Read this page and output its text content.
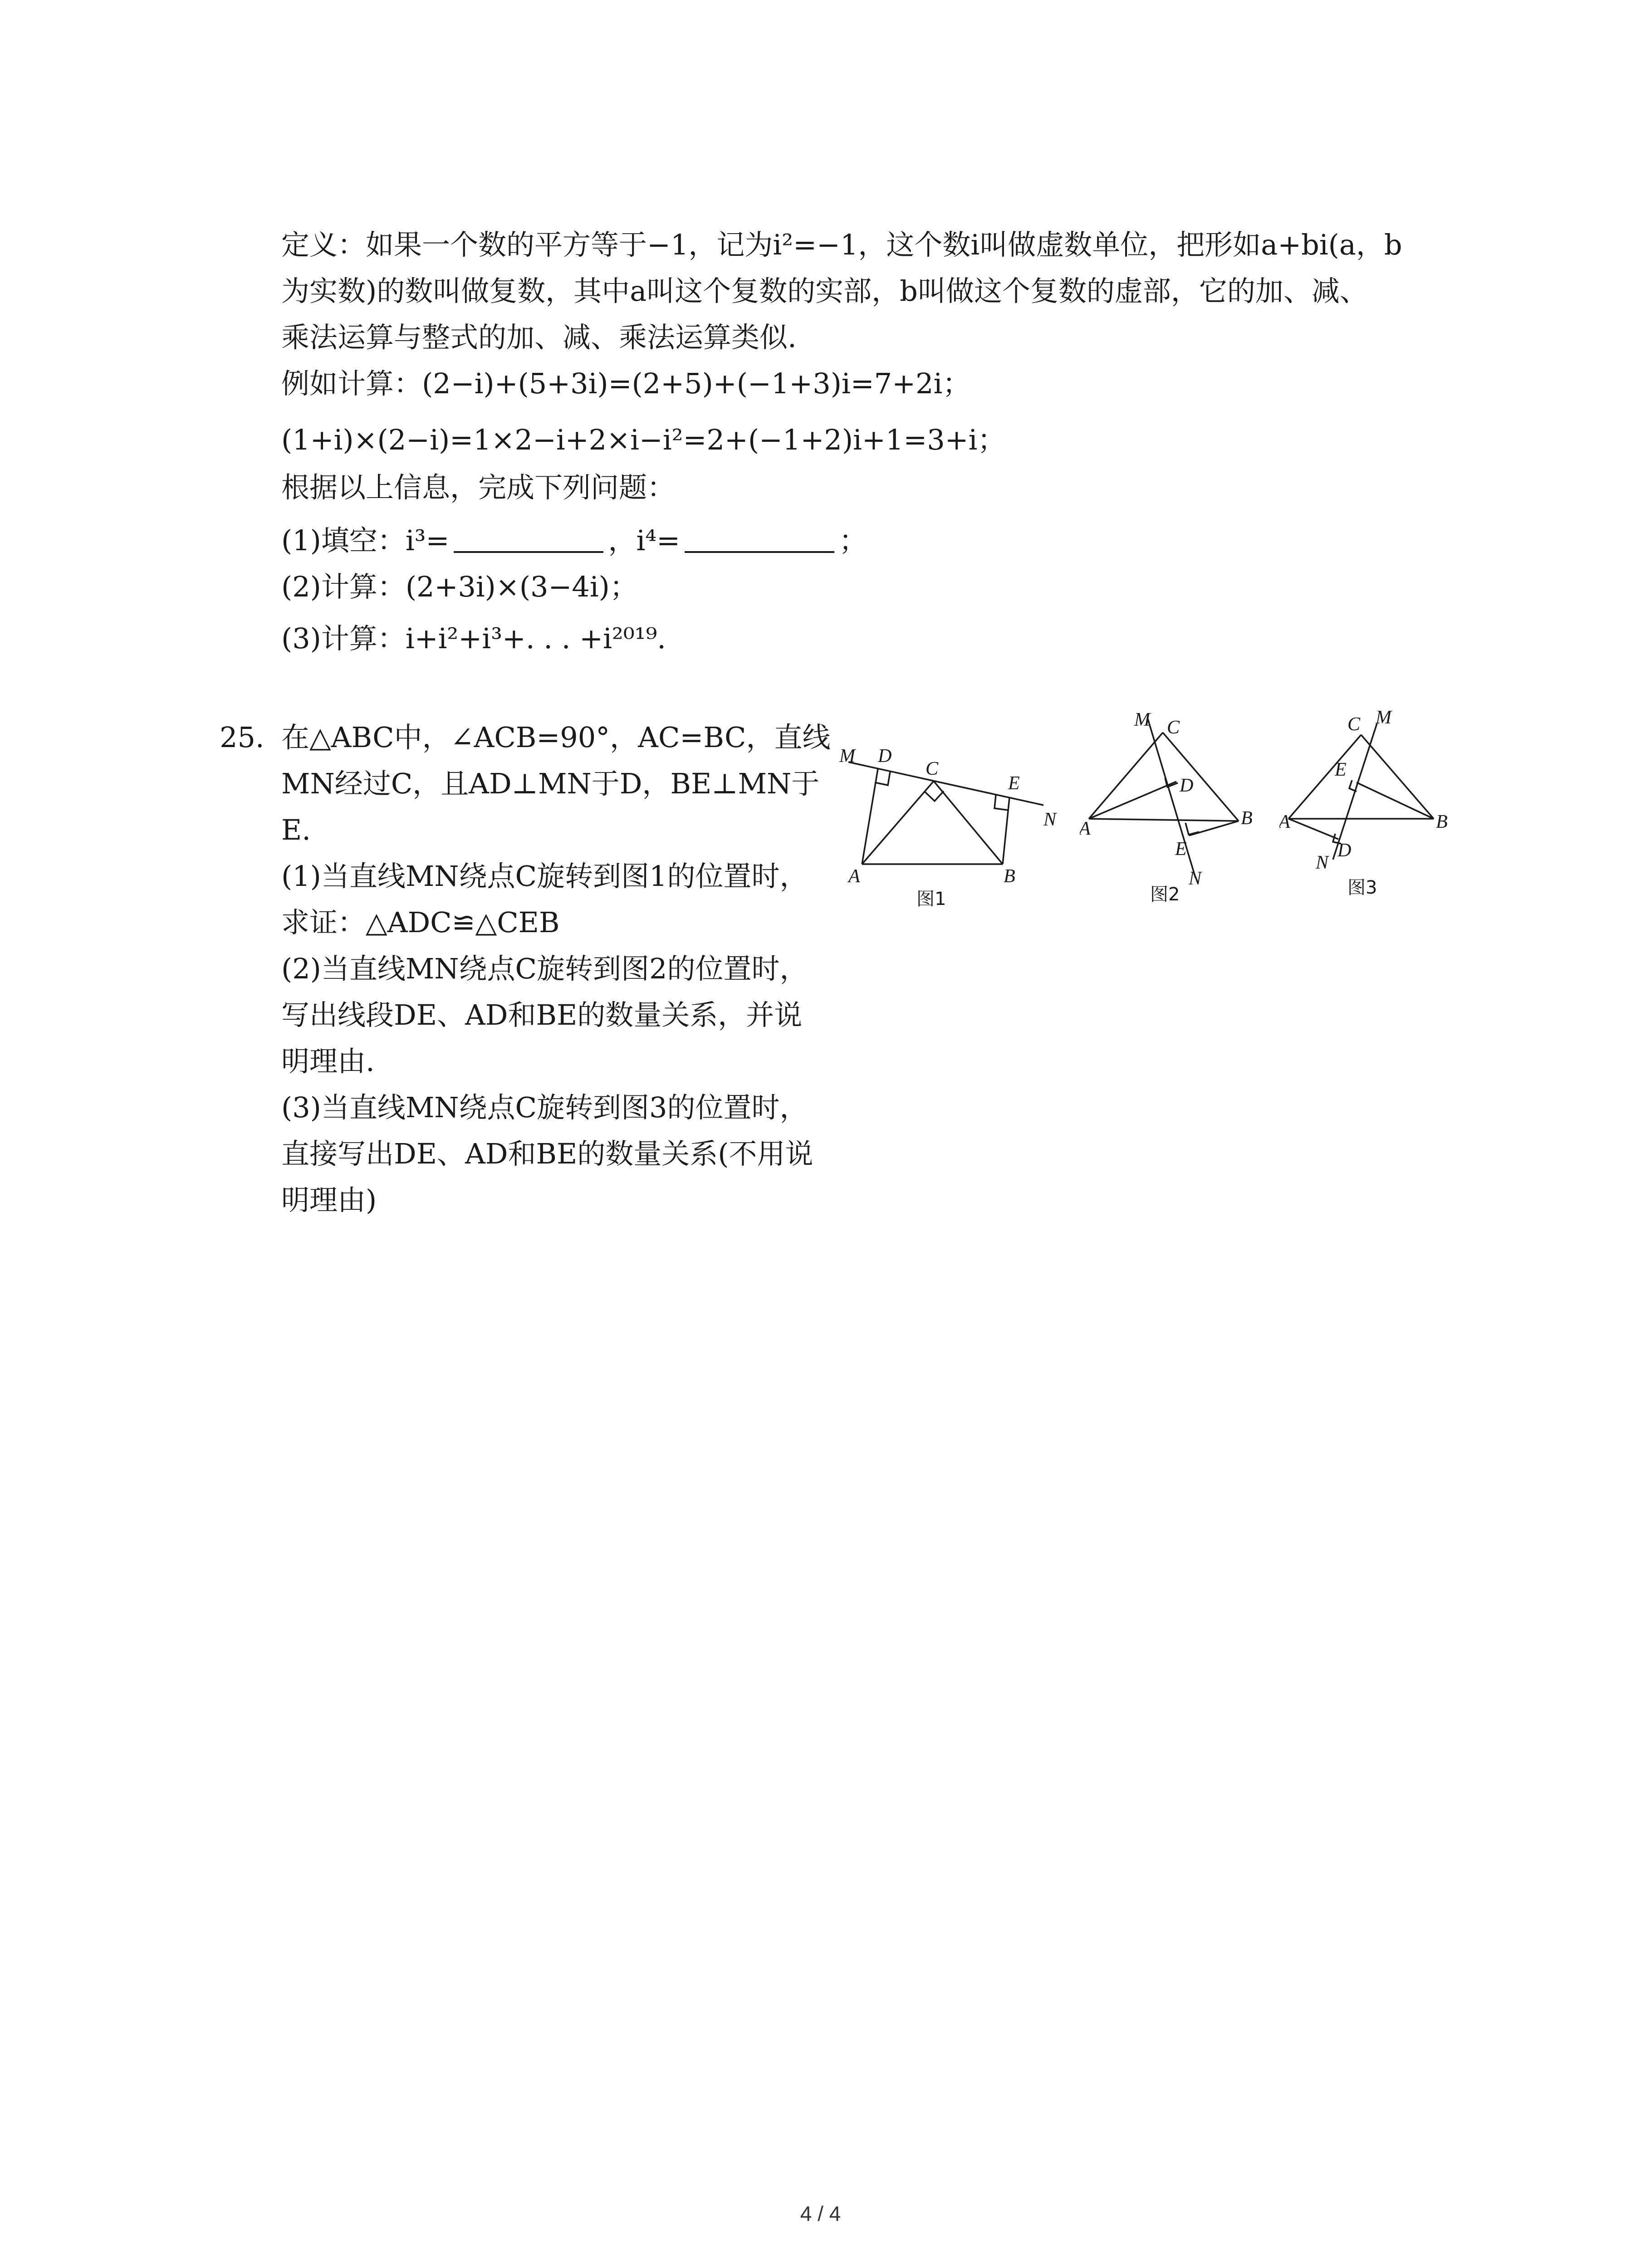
定义：如果一个数的平方等于−1，记为i²=−1，这个数i叫做虚数单位，把形如a+bi(a，b
为实数)的数叫做复数，其中a叫这个复数的实部，b叫做这个复数的虚部，它的加、减、
乘法运算与整式的加、减、乘法运算类似.
例如计算：(2−i)+(5+3i)=(2+5)+(−1+3)i=7+2i；
(1+i)×(2−i)=1×2−i+2×i−i²=2+(−1+2)i+1=3+i；
根据以上信息，完成下列问题：
(1)填空：i³=	，i⁴=	；
(2)计算：(2+3i)×(3−4i)；
(3)计算：i+i²+i³+. . . +i²⁰¹⁹.
25. 在△ABC中，∠ACB=90°，AC=BC，直线
MN经过C，且AD⊥MN于D，BE⊥MN于
E.
(1)当直线MN绕点C旋转到图1的位置时，
求证：△ADC≌△CEB
(2)当直线MN绕点C旋转到图2的位置时，
写出线段DE、AD和BE的数量关系，并说
明理由.
(3)当直线MN绕点C旋转到图3的位置时，
直接写出DE、AD和BE的数量关系(不用说
明理由)
M D
C
E
N
A	B
图1
M C
D
A	B
E
N
图2
C M
E
A	B
N
D
图3
4 / 4
